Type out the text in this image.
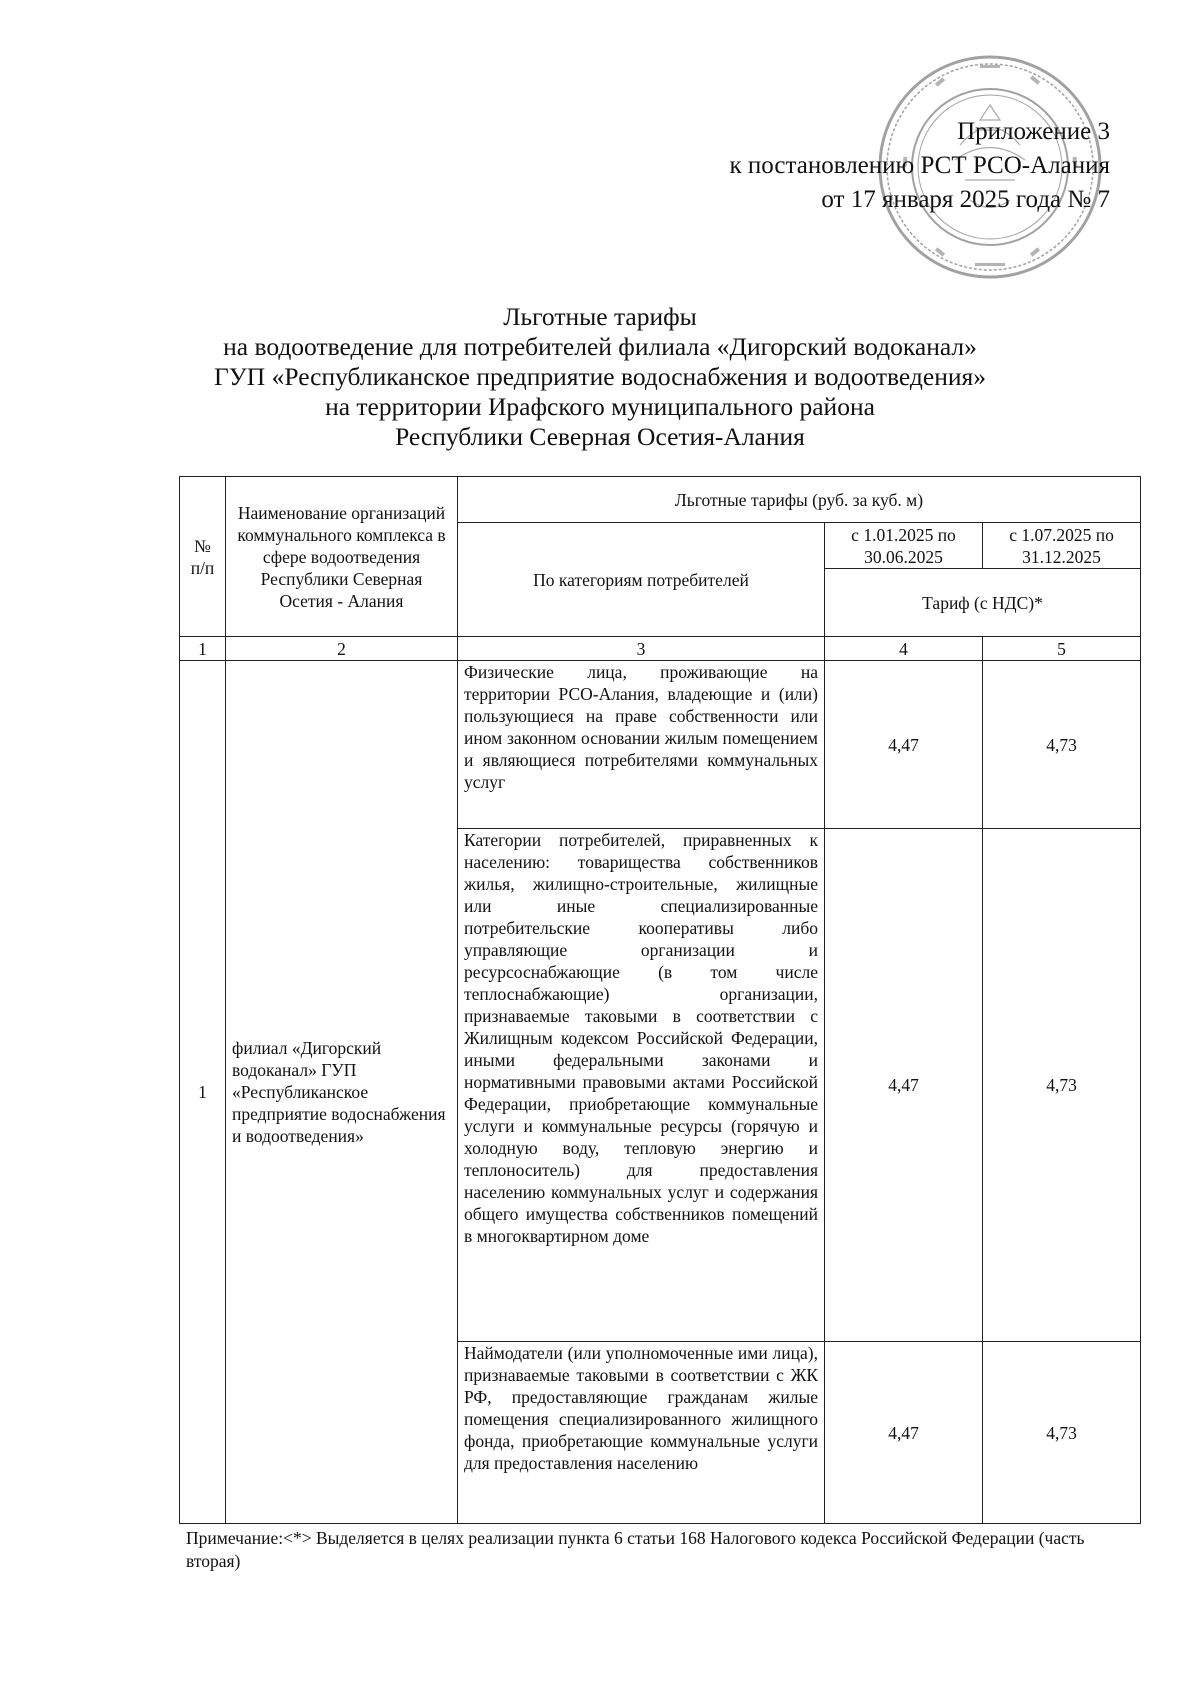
Приложение 3
к постановлению РСТ РСО-Алания
от 17 января 2025 года № 7
Льготные тарифы
на водоотведение для потребителей филиала «Дигорский водоканал»
ГУП «Республиканское предприятие водоснабжения и водоотведения»
на территории Ирафского муниципального района
Республики Северная Осетия-Алания
№ п/п	Наименование организаций коммунального комплекса в сфере водоотведения Республики Северная Осетия - Алания	Льготные тарифы (руб. за куб. м)		
		По категориям потребителей	с 1.01.2025 по 30.06.2025	с 1.07.2025 по 31.12.2025
			Тариф (с НДС)*	
1	2	3	4	5
1	филиал «Дигорский водоканал» ГУП «Республиканское предприятие водоснабжения и водоотведения»	Физические лица, проживающие на территории РСО-Алания, владеющие и (или) пользующиеся на праве собственности или ином законном основании жилым помещением и являющиеся потребителями коммунальных услуг	4,47	4,73
		Категории потребителей, приравненных к населению: товарищества собственников жилья, жилищно-строительные, жилищные или иные специализированные потребительские кооперативы либо управляющие организации и ресурсоснабжающие (в том числе теплоснабжающие) организации, признаваемые таковыми в соответствии с Жилищным кодексом Российской Федерации, иными федеральными законами и нормативными правовыми актами Российской Федерации, приобретающие коммунальные услуги и коммунальные ресурсы (горячую и холодную воду, тепловую энергию и теплоноситель) для предоставления населению коммунальных услуг и содержания общего имущества собственников помещений в многоквартирном доме	4,47	4,73
		Наймодатели (или уполномоченные ими лица), признаваемые таковыми в соответствии с ЖК РФ, предоставляющие гражданам жилые помещения специализированного жилищного фонда, приобретающие коммунальные услуги для предоставления населению	4,47	4,73
Примечание:<*> Выделяется в целях реализации пункта 6 статьи 168 Налогового кодекса Российской Федерации (часть вторая)
